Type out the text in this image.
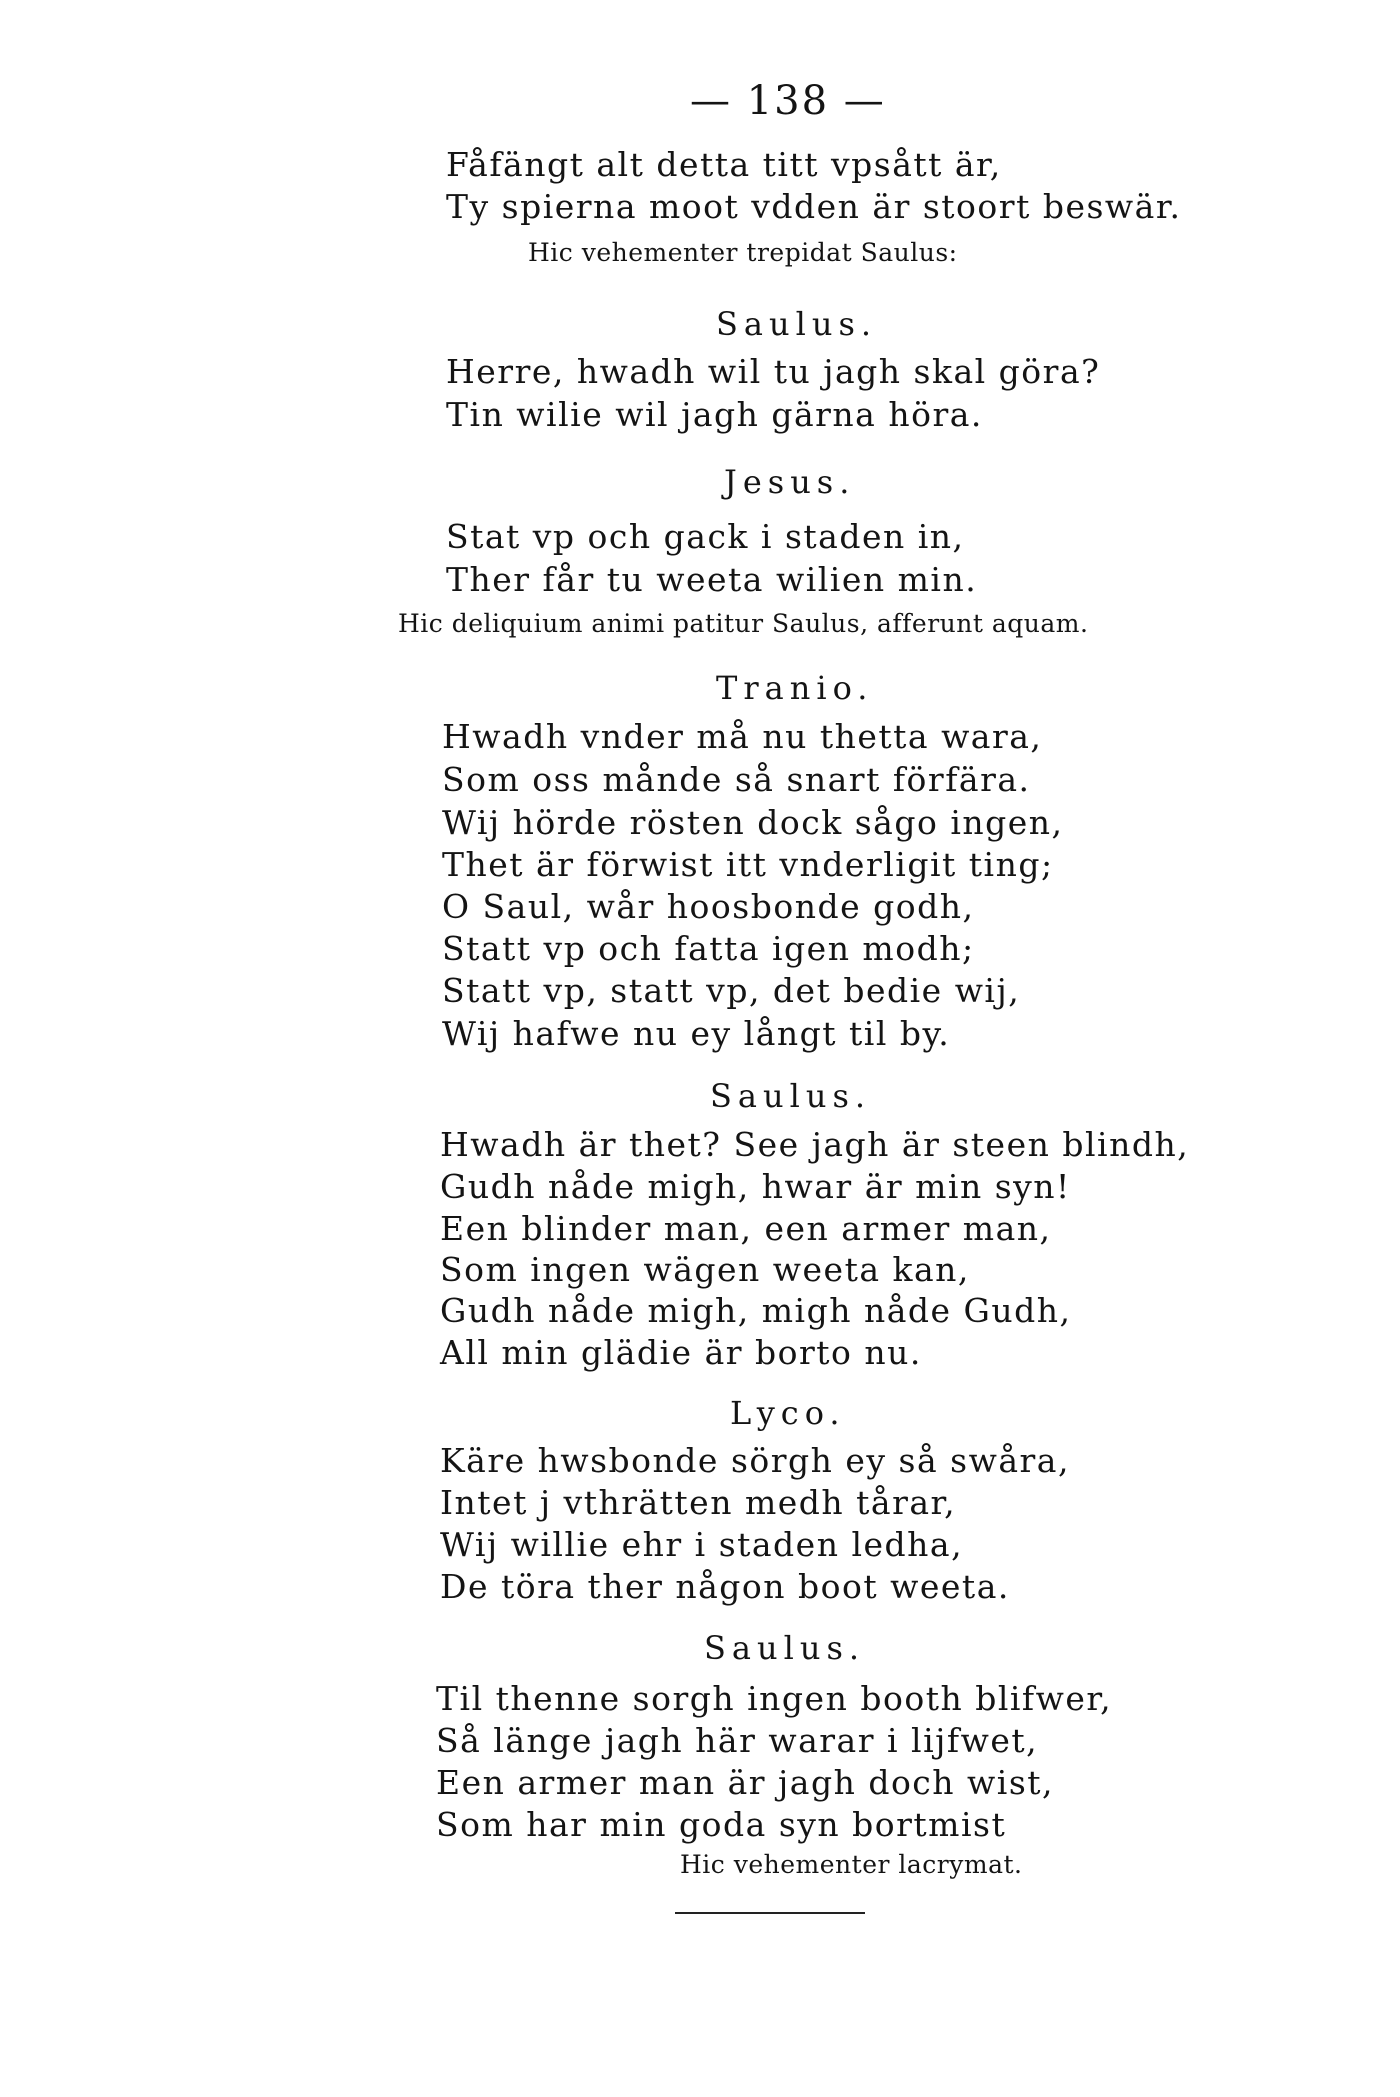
— 138 —
Fåfängt alt detta titt vpsått är,
Ty spierna moot vdden är stoort beswär.
Hic vehementer trepidat Saulus:
Saulus.
Herre, hwadh wil tu jagh skal göra?
Tin wilie wil jagh gärna höra.
Jesus.
Stat vp och gack i staden in,
Ther får tu weeta wilien min.
Hic deliquium animi patitur Saulus, afferunt aquam.
Tranio.
Hwadh vnder må nu thetta wara,
Som oss månde så snart förfära.
Wij hörde rösten dock sågo ingen,
Thet är förwist itt vnderligit ting;
O Saul, wår hoosbonde godh,
Statt vp och fatta igen modh;
Statt vp, statt vp, det bedie wij,
Wij hafwe nu ey långt til by.
Saulus.
Hwadh är thet? See jagh är steen blindh,
Gudh nåde migh, hwar är min syn!
Een blinder man, een armer man,
Som ingen wägen weeta kan,
Gudh nåde migh, migh nåde Gudh,
All min glädie är borto nu.
Lyco.
Käre hwsbonde sörgh ey så swåra,
Intet j vthrätten medh tårar,
Wij willie ehr i staden ledha,
De töra ther någon boot weeta.
Saulus.
Til thenne sorgh ingen booth blifwer,
Så länge jagh här warar i lijfwet,
Een armer man är jagh doch wist,
Som har min goda syn bortmist
Hic vehementer lacrymat.
